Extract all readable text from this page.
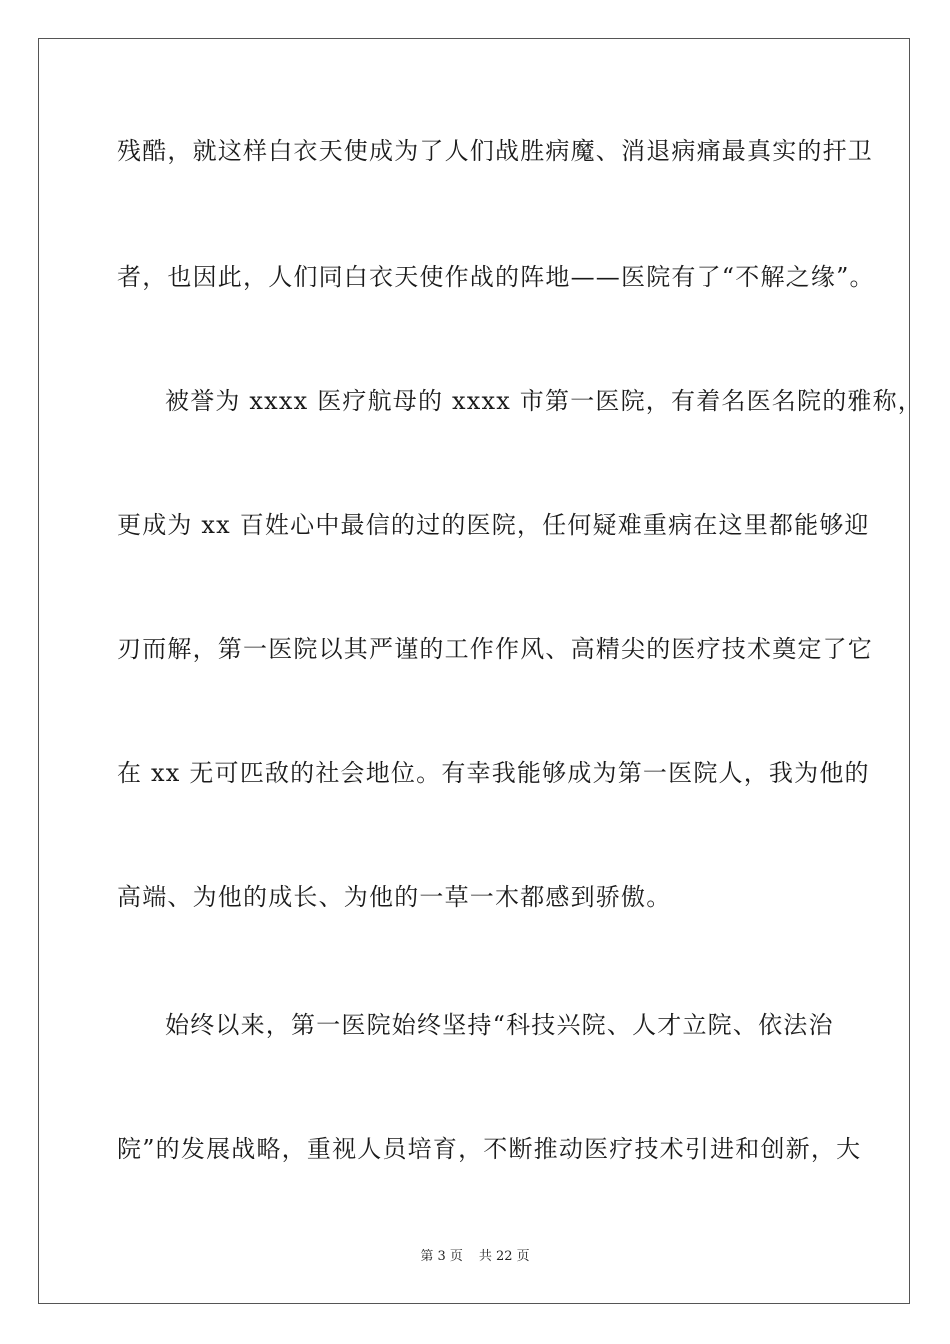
残酷，就这样白衣天使成为了人们战胜病魔、消退病痛最真实的扞卫
者，也因此，人们同白衣天使作战的阵地——医院有了“不解之缘”。
被誉为 xxxx 医疗航母的 xxxx 市第一医院，有着名医名院的雅称，
更成为 xx 百姓心中最信的过的医院，任何疑难重病在这里都能够迎
刃而解，第一医院以其严谨的工作作风、高精尖的医疗技术奠定了它
在 xx 无可匹敌的社会地位。有幸我能够成为第一医院人，我为他的
高端、为他的成长、为他的一草一木都感到骄傲。
始终以来，第一医院始终坚持“科技兴院、人才立院、依法治
院”的发展战略，重视人员培育，不断推动医疗技术引进和创新，大
第 3 页 共 22 页
